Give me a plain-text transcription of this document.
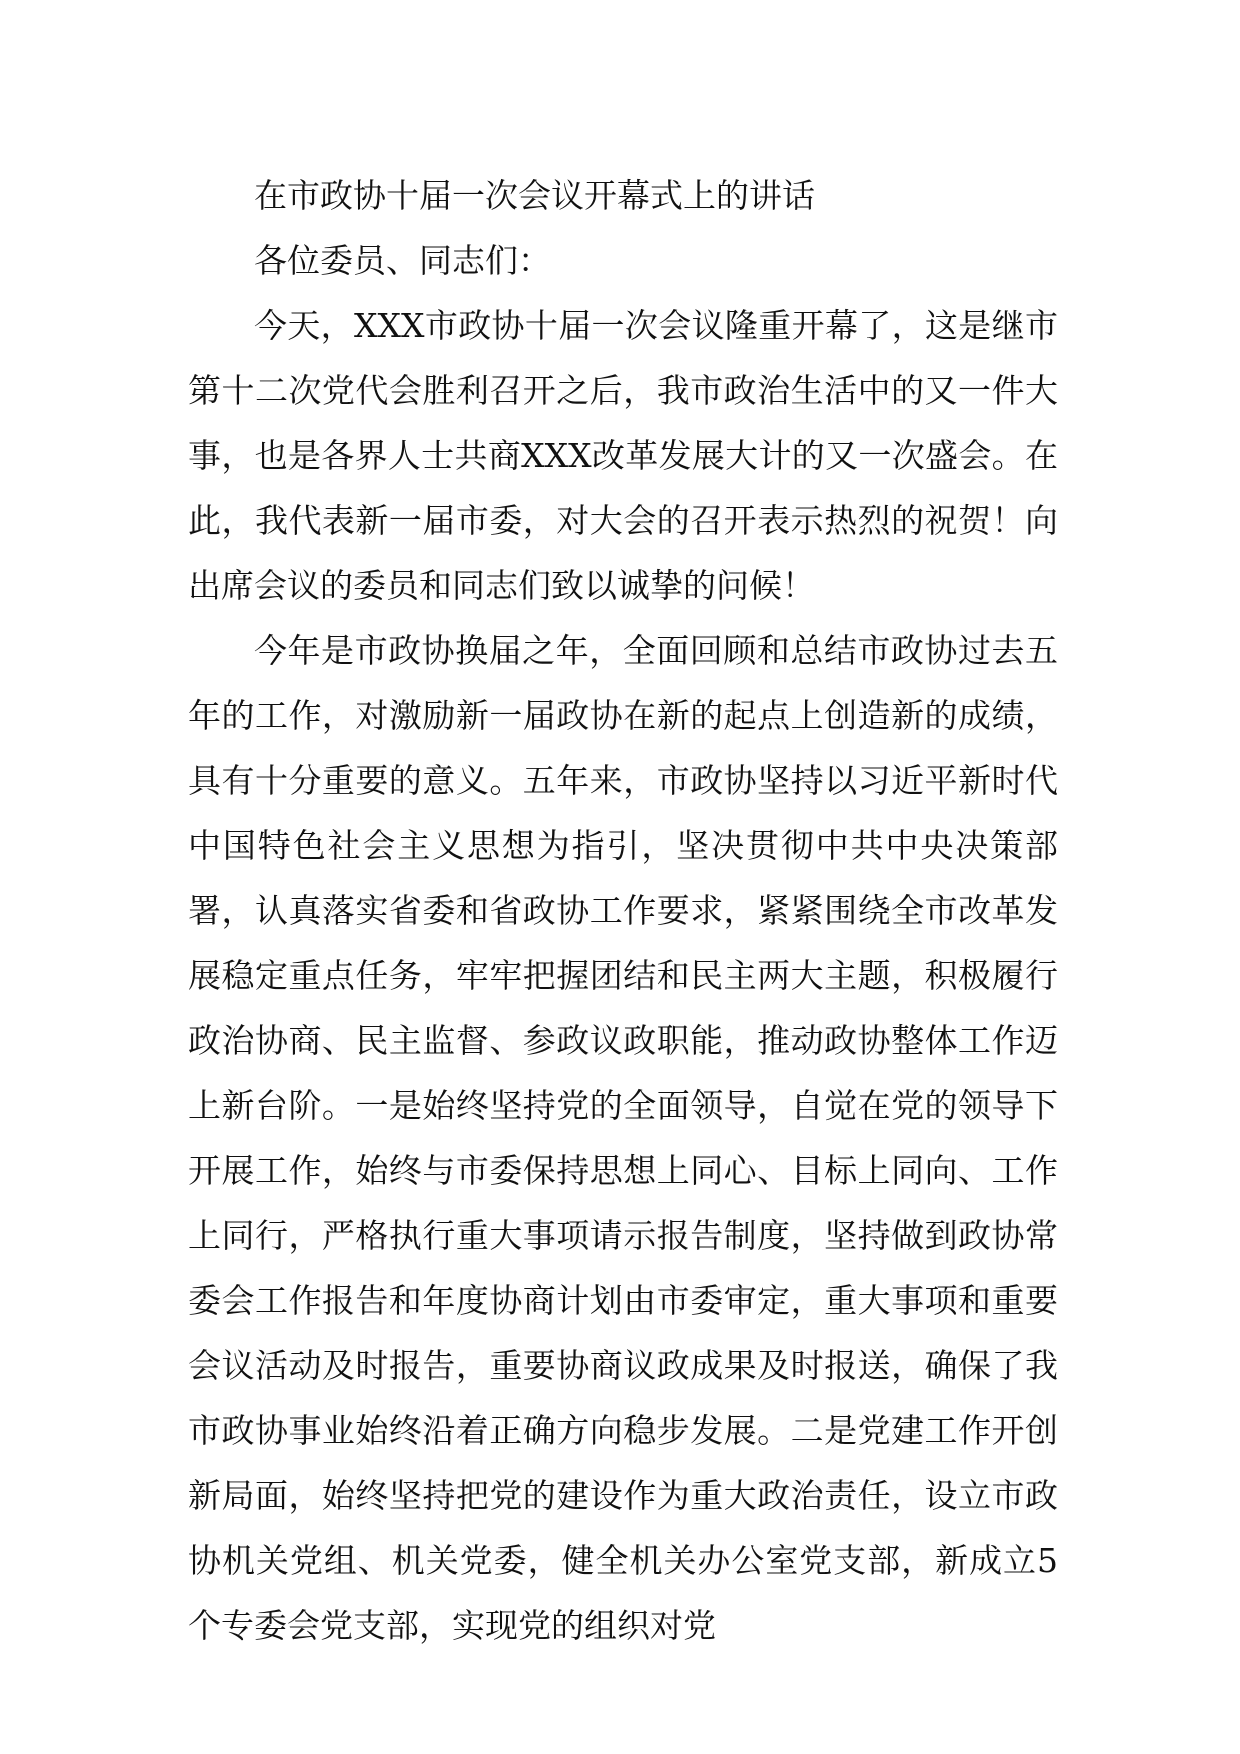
在市政协十届一次会议开幕式上的讲话

各位委员、同志们：

今天，XXX市政协十届一次会议隆重开幕了，这是继市第十二次党代会胜利召开之后，我市政治生活中的又一件大事，也是各界人士共商XXX改革发展大计的又一次盛会。在此，我代表新一届市委，对大会的召开表示热烈的祝贺！向出席会议的委员和同志们致以诚挚的问候！

今年是市政协换届之年，全面回顾和总结市政协过去五年的工作，对激励新一届政协在新的起点上创造新的成绩，具有十分重要的意义。五年来，市政协坚持以习近平新时代中国特色社会主义思想为指引，坚决贯彻中共中央决策部署，认真落实省委和省政协工作要求，紧紧围绕全市改革发展稳定重点任务，牢牢把握团结和民主两大主题，积极履行政治协商、民主监督、参政议政职能，推动政协整体工作迈上新台阶。一是始终坚持党的全面领导，自觉在党的领导下开展工作，始终与市委保持思想上同心、目标上同向、工作上同行，严格执行重大事项请示报告制度，坚持做到政协常委会工作报告和年度协商计划由市委审定，重大事项和重要会议活动及时报告，重要协商议政成果及时报送，确保了我市政协事业始终沿着正确方向稳步发展。二是党建工作开创新局面，始终坚持把党的建设作为重大政治责任，设立市政协机关党组、机关党委，健全机关办公室党支部，新成立5个专委会党支部，实现党的组织对党
